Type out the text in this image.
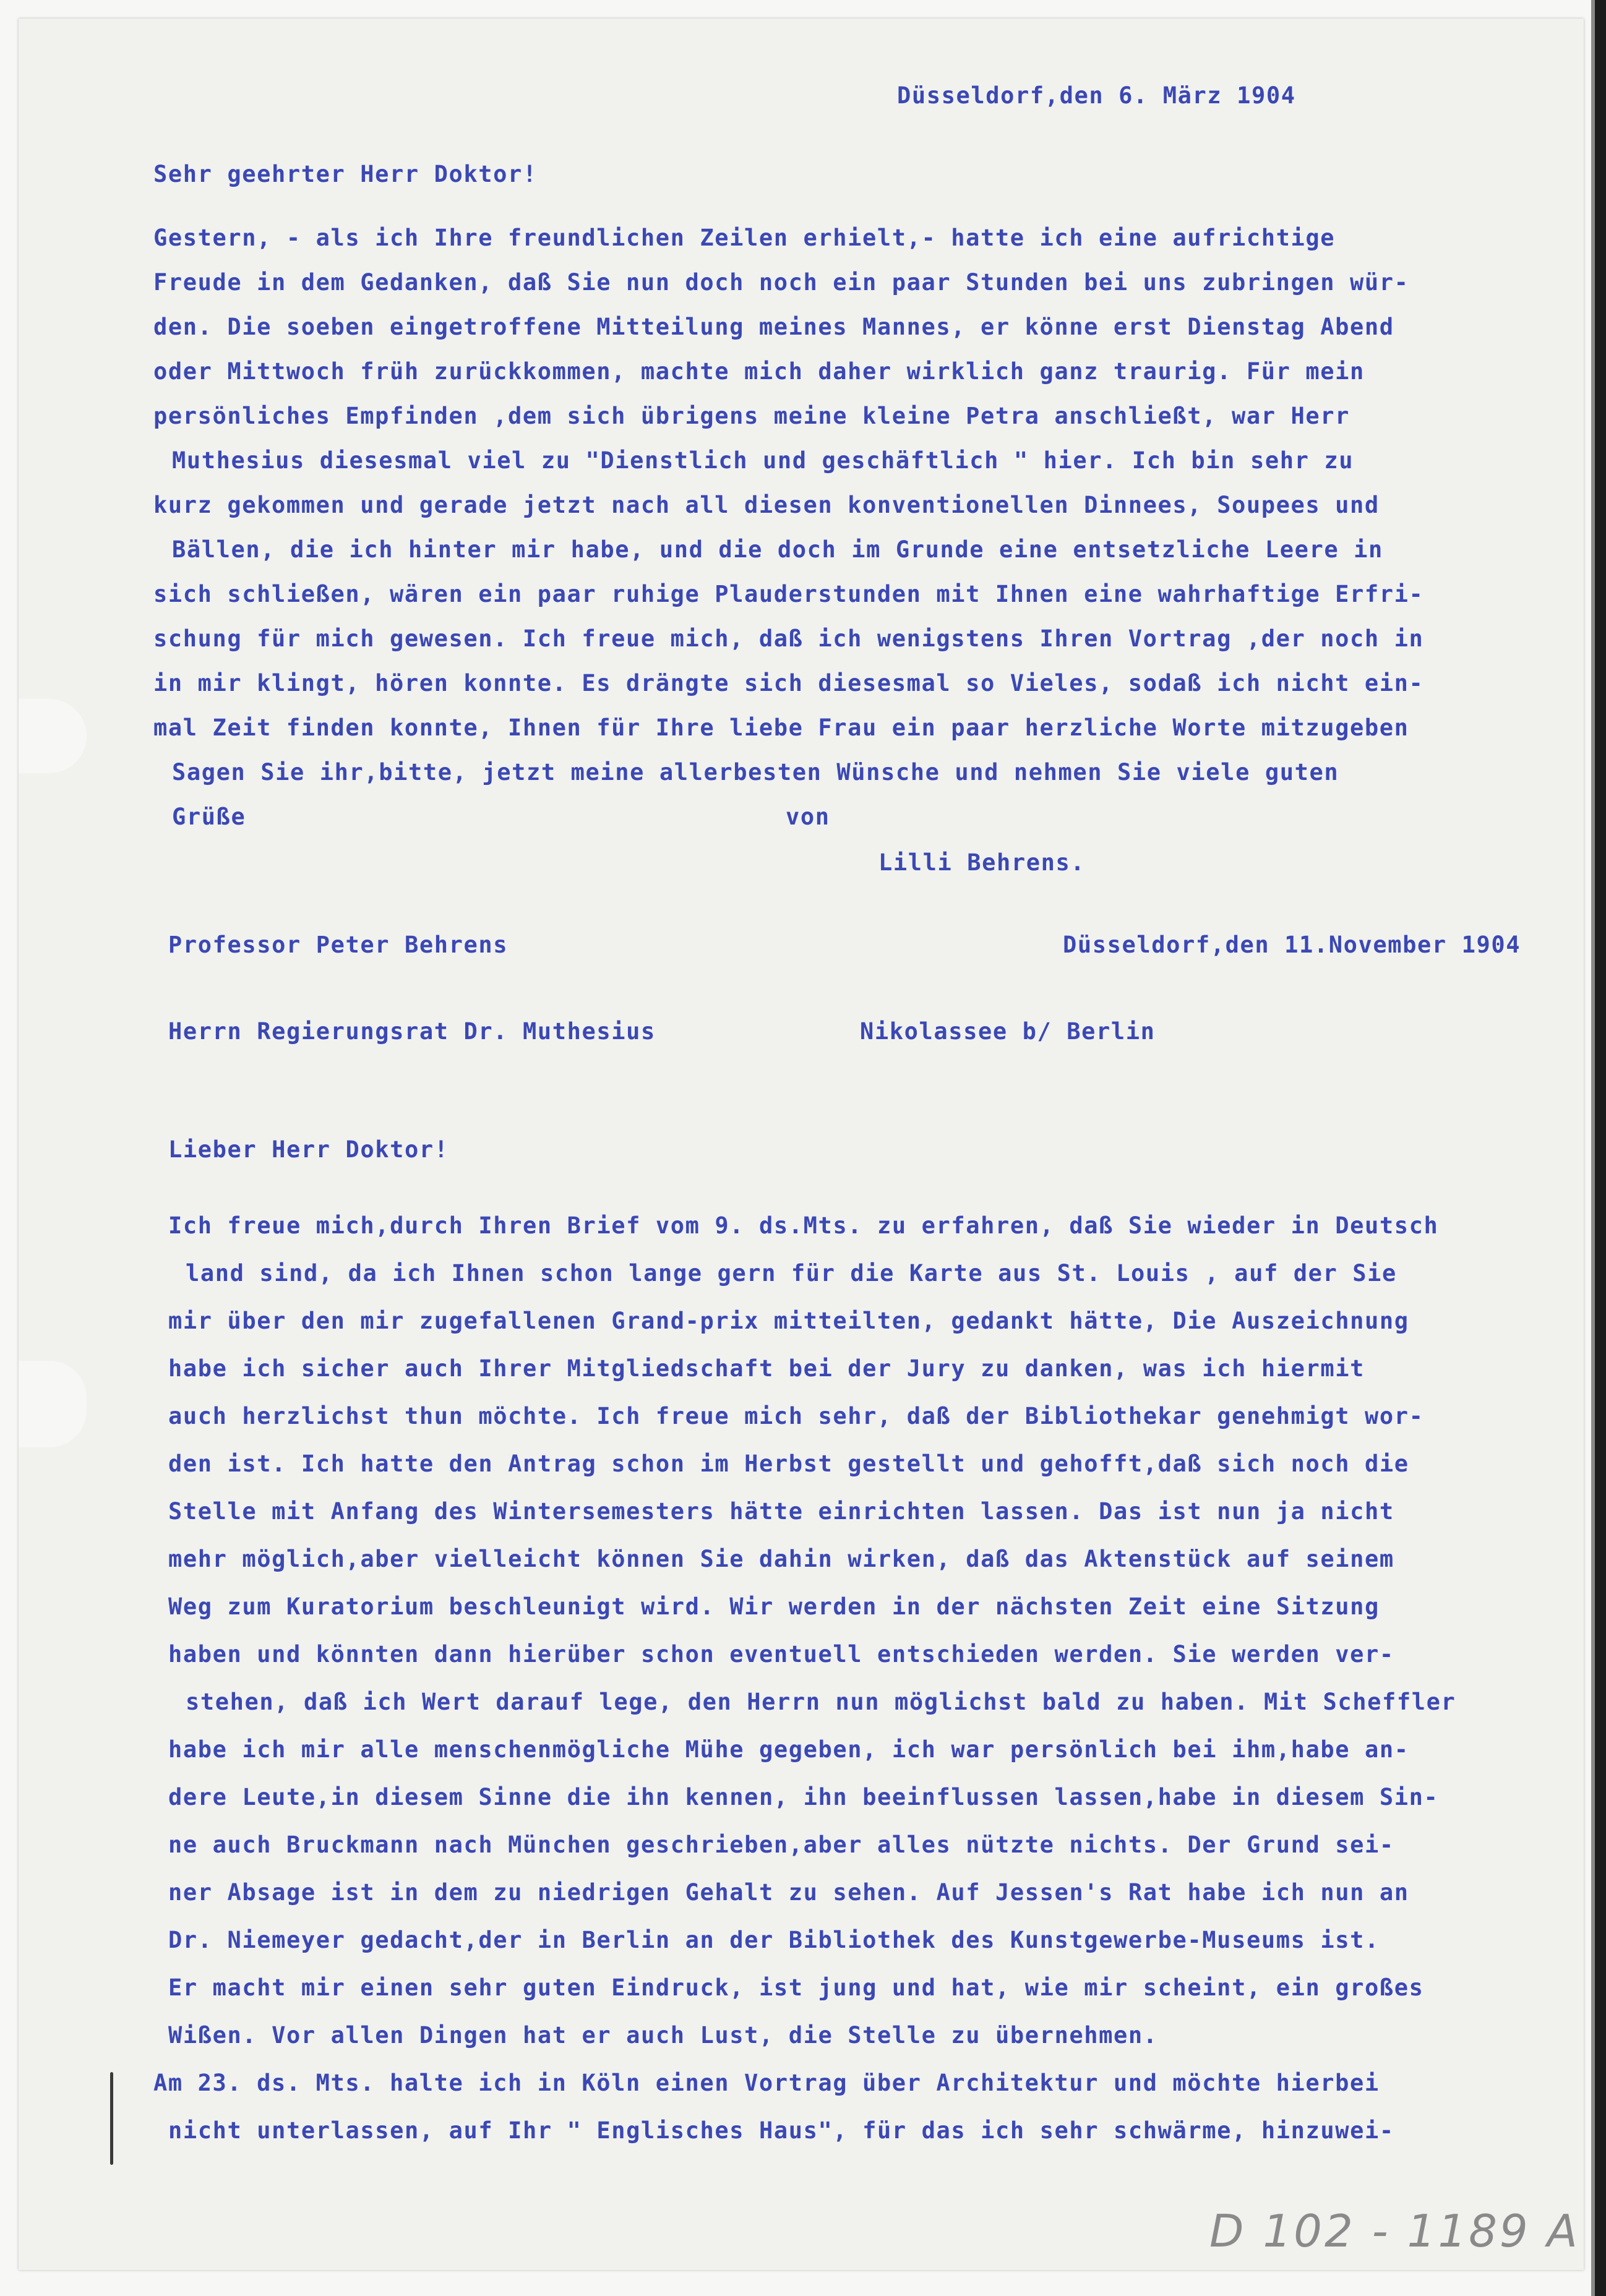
Düsseldorf,den 6. März 1904
Sehr geehrter Herr Doktor!
Gestern, - als ich Ihre freundlichen Zeilen erhielt,- hatte ich eine aufrichtige
Freude in dem Gedanken, daß Sie nun doch noch ein paar Stunden bei uns zubringen wür-
den. Die soeben eingetroffene Mitteilung meines Mannes, er könne erst Dienstag Abend
oder Mittwoch früh zurückkommen, machte mich daher wirklich ganz traurig. Für mein
persönliches Empfinden ,dem sich übrigens meine kleine Petra anschließt, war Herr
Muthesius diesesmal viel zu "Dienstlich und geschäftlich " hier. Ich bin sehr zu
kurz gekommen und gerade jetzt nach all diesen konventionellen Dinnees, Soupees und
Bällen, die ich hinter mir habe, und die doch im Grunde eine entsetzliche Leere in
sich schließen, wären ein paar ruhige Plauderstunden mit Ihnen eine wahrhaftige Erfri-
schung für mich gewesen. Ich freue mich, daß ich wenigstens Ihren Vortrag ,der noch in
in mir klingt, hören konnte. Es drängte sich diesesmal so Vieles, sodaß ich nicht ein-
mal Zeit finden konnte, Ihnen für Ihre liebe Frau ein paar herzliche Worte mitzugeben
Sagen Sie ihr,bitte, jetzt meine allerbesten Wünsche und nehmen Sie viele guten
Grüße	von
Lilli Behrens.
Professor Peter Behrens	Düsseldorf,den 11.November 1904
Herrn Regierungsrat Dr. Muthesius	Nikolassee b/ Berlin
Lieber Herr Doktor!
Ich freue mich,durch Ihren Brief vom 9. ds.Mts. zu erfahren, daß Sie wieder in Deutsch
land sind, da ich Ihnen schon lange gern für die Karte aus St. Louis , auf der Sie
mir über den mir zugefallenen Grand-prix mitteilten, gedankt hätte, Die Auszeichnung
habe ich sicher auch Ihrer Mitgliedschaft bei der Jury zu danken, was ich hiermit
auch herzlichst thun möchte. Ich freue mich sehr, daß der Bibliothekar genehmigt wor-
den ist. Ich hatte den Antrag schon im Herbst gestellt und gehofft,daß sich noch die
Stelle mit Anfang des Wintersemesters hätte einrichten lassen. Das ist nun ja nicht
mehr möglich,aber vielleicht können Sie dahin wirken, daß das Aktenstück auf seinem
Weg zum Kuratorium beschleunigt wird. Wir werden in der nächsten Zeit eine Sitzung
haben und könnten dann hierüber schon eventuell entschieden werden. Sie werden ver-
stehen, daß ich Wert darauf lege, den Herrn nun möglichst bald zu haben. Mit Scheffler
habe ich mir alle menschenmögliche Mühe gegeben, ich war persönlich bei ihm,habe an-
dere Leute,in diesem Sinne die ihn kennen, ihn beeinflussen lassen,habe in diesem Sin-
ne auch Bruckmann nach München geschrieben,aber alles nützte nichts. Der Grund sei-
ner Absage ist in dem zu niedrigen Gehalt zu sehen. Auf Jessen's Rat habe ich nun an
Dr. Niemeyer gedacht,der in Berlin an der Bibliothek des Kunstgewerbe-Museums ist.
Er macht mir einen sehr guten Eindruck, ist jung und hat, wie mir scheint, ein großes
Wißen. Vor allen Dingen hat er auch Lust, die Stelle zu übernehmen.
Am 23. ds. Mts. halte ich in Köln einen Vortrag über Architektur und möchte hierbei
nicht unterlassen, auf Ihr " Englisches Haus", für das ich sehr schwärme, hinzuwei-
D 102 - 1189 A
